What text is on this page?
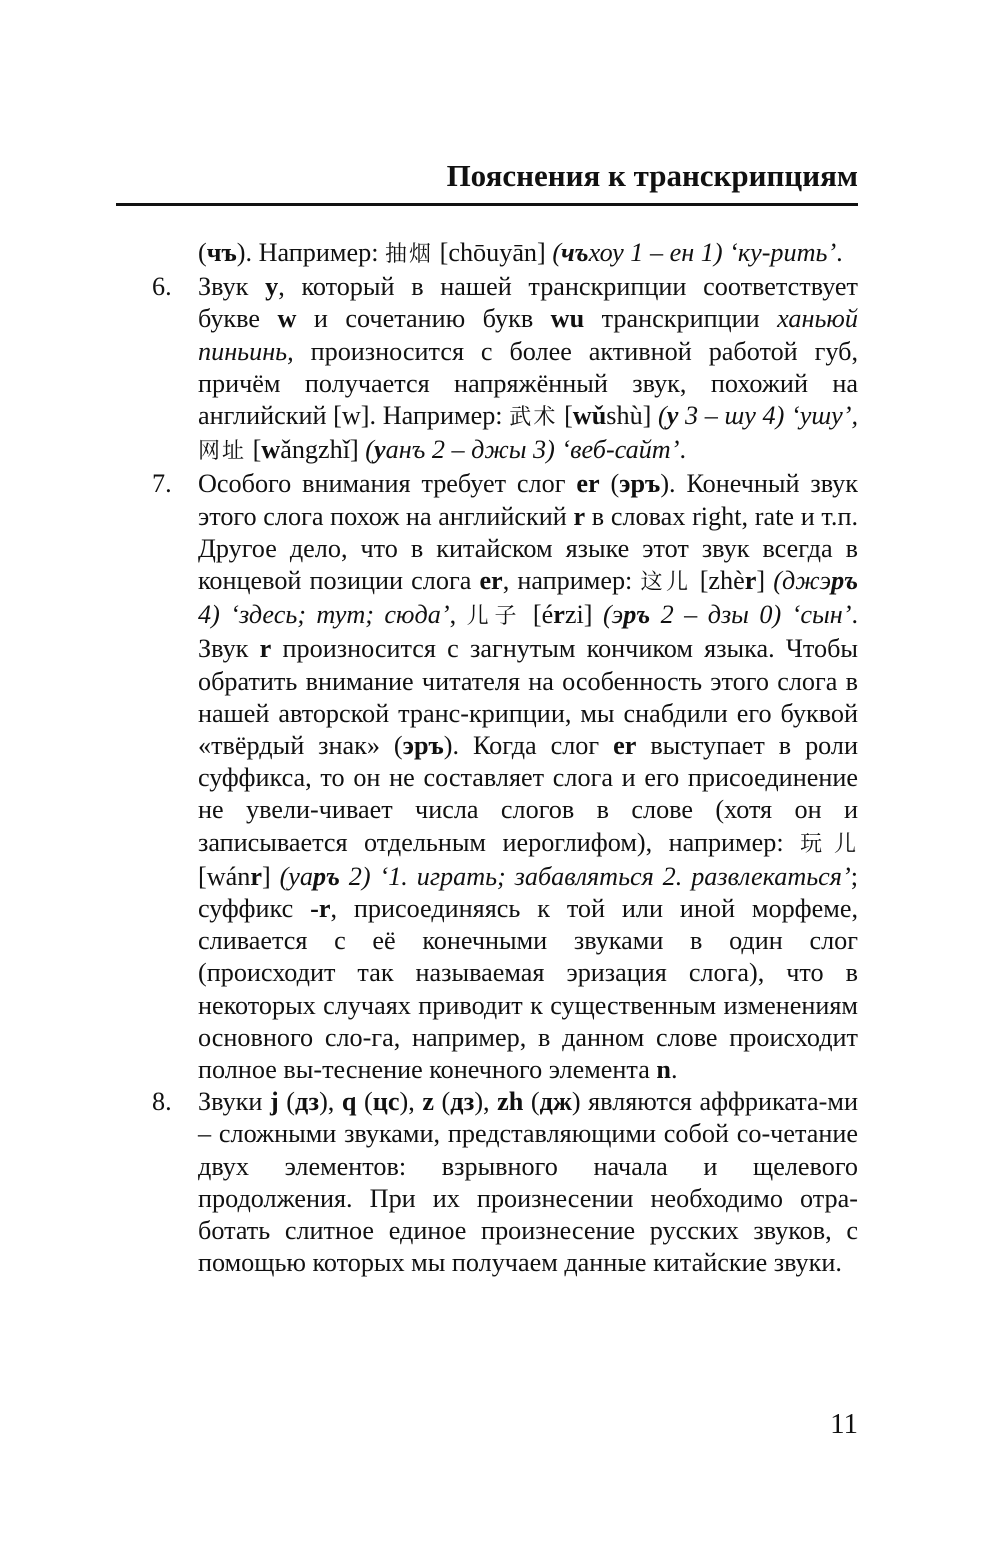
Пояснения к транскрипциям

(чъ). Например: 抽烟 [chōuyān] (чъхоу 1 – ен 1) ‘ку-рить’.

6. Звук у, который в нашей транскрипции соответствует букве w и сочетанию букв wu транскрипции ханьюй пиньинь, произносится с более активной работой губ, причём получается напряжённый звук, похожий на английский [w]. Например: 武术 [wǔshù] (у 3 – шу 4) ‘ушу’, 网址 [wǎngzhǐ] (уанъ 2 – джы 3) ‘веб-сайт’.

7. Особого внимания требует слог er (эръ). Конечный звук этого слога похож на английский r в словах right, rate и т.п. Другое дело, что в китайском языке этот звук всегда в концевой позиции слога er, например: 这儿 [zhèr] (джэръ 4) ‘здесь; тут; сюда’, 儿子 [érzi] (эръ 2 – дзы 0) ‘сын’. Звук r произносится с загнутым кончиком языка. Чтобы обратить внимание читателя на особенность этого слога в нашей авторской транс-крипции, мы снабдили его буквой «твёрдый знак» (эръ). Когда слог er выступает в роли суффикса, то он не составляет слога и его присоединение не увели-чивает числа слогов в слове (хотя он и записывается отдельным иероглифом), например: 玩儿 [wánr] (уаръ 2) ‘1. играть; забавляться 2. развлекаться’; суффикс -r, присоединяясь к той или иной морфеме, сливается с её конечными звуками в один слог (происходит так называемая эризация слога), что в некоторых случаях приводит к существенным изменениям основного сло-га, например, в данном слове происходит полное вы-теснение конечного элемента n.

8. Звуки j (дз), q (цс), z (дз), zh (дж) являются аффриката-ми – сложными звуками, представляющими собой со-четание двух элементов: взрывного начала и щелевого продолжения. При их произнесении необходимо отра-ботать слитное единое произнесение русских звуков, с помощью которых мы получаем данные китайские звуки.

11
